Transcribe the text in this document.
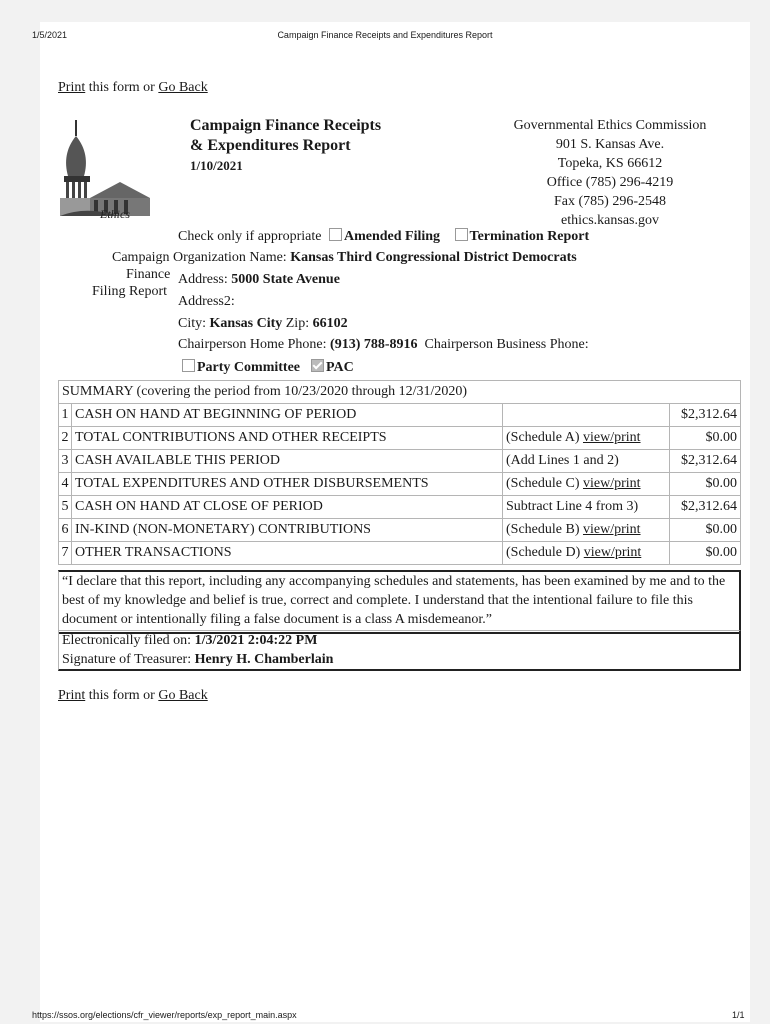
1/5/2021	Campaign Finance Receipts and Expenditures Report
https://ssos.org/elections/cfr_viewer/reports/exp_report_main.aspx	1/1
Print this form or Go Back
Ethics
Campaign Finance Receipts
& Expenditures Report
1/10/2021
Governmental Ethics Commission
901 S. Kansas Ave.
Topeka, KS 66612
Office (785) 296-4219
Fax (785) 296-2548
ethics.kansas.gov
Check only if appropriate Amended Filing Termination Report
Campaign Organization Name: Kansas Third Congressional District Democrats
Finance
Filing Report
Address: 5000 State Avenue
Address2:
City: Kansas City Zip: 66102
Chairperson Home Phone: (913) 788-8916 Chairperson Business Phone:
Party Committee PAC
SUMMARY (covering the period from 10/23/2020 through 12/31/2020)			
1	CASH ON HAND AT BEGINNING OF PERIOD		$2,312.64
2	TOTAL CONTRIBUTIONS AND OTHER RECEIPTS	(Schedule A) view/print	$0.00
3	CASH AVAILABLE THIS PERIOD	(Add Lines 1 and 2)	$2,312.64
4	TOTAL EXPENDITURES AND OTHER DISBURSEMENTS	(Schedule C) view/print	$0.00
5	CASH ON HAND AT CLOSE OF PERIOD	Subtract Line 4 from 3)	$2,312.64
6	IN-KIND (NON-MONETARY) CONTRIBUTIONS	(Schedule B) view/print	$0.00
7	OTHER TRANSACTIONS	(Schedule D) view/print	$0.00
“I declare that this report, including any accompanying schedules and statements, has been examined by me and to the best of my knowledge and belief is true, correct and complete. I understand that the intentional failure to file this document or intentionally filing a false document is a class A misdemeanor.”
Electronically filed on: 1/3/2021 2:04:22 PM
Signature of Treasurer: Henry H. Chamberlain
Print this form or Go Back
